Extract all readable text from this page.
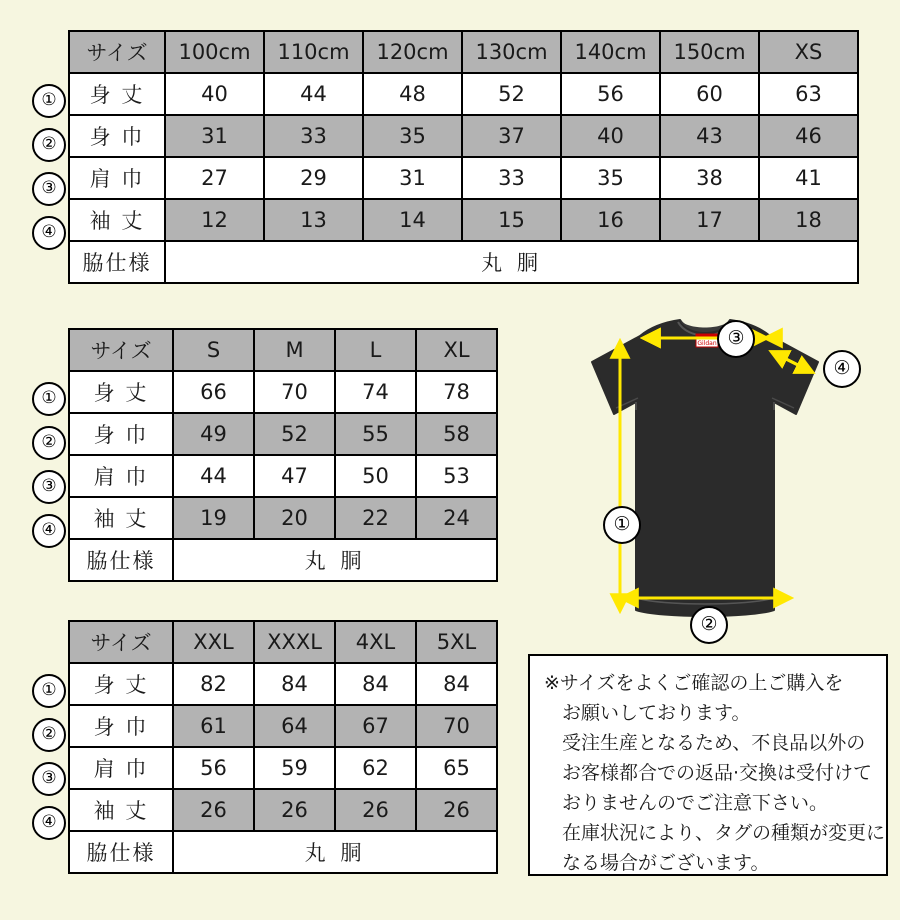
①
②
③
④
サイズ	100cm	110cm	120cm	130cm	140cm	150cm	XS
身 丈	40	44	48	52	56	60	63
身 巾	31	33	35	37	40	43	46
肩 巾	27	29	31	33	35	38	41
袖 丈	12	13	14	15	16	17	18
脇仕様	丸 胴						
①
②
③
④
サイズ	S	M	L	XL
身 丈	66	70	74	78
身 巾	49	52	55	58
肩 巾	44	47	50	53
袖 丈	19	20	22	24
脇仕様	丸 胴			
①
②
③
④
サイズ	XXL	XXXL	4XL	5XL
身 丈	82	84	84	84
身 巾	61	64	67	70
肩 巾	56	59	62	65
袖 丈	26	26	26	26
脇仕様	丸 胴			
Gildan ③
④
①
②
※サイズをよくご確認の上ご購入を
お願いしております。
受注生産となるため、不良品以外の
お客様都合での返品·交換は受付けて
おりませんのでご注意下さい。
在庫状況により、タグの種類が変更に
なる場合がございます。
